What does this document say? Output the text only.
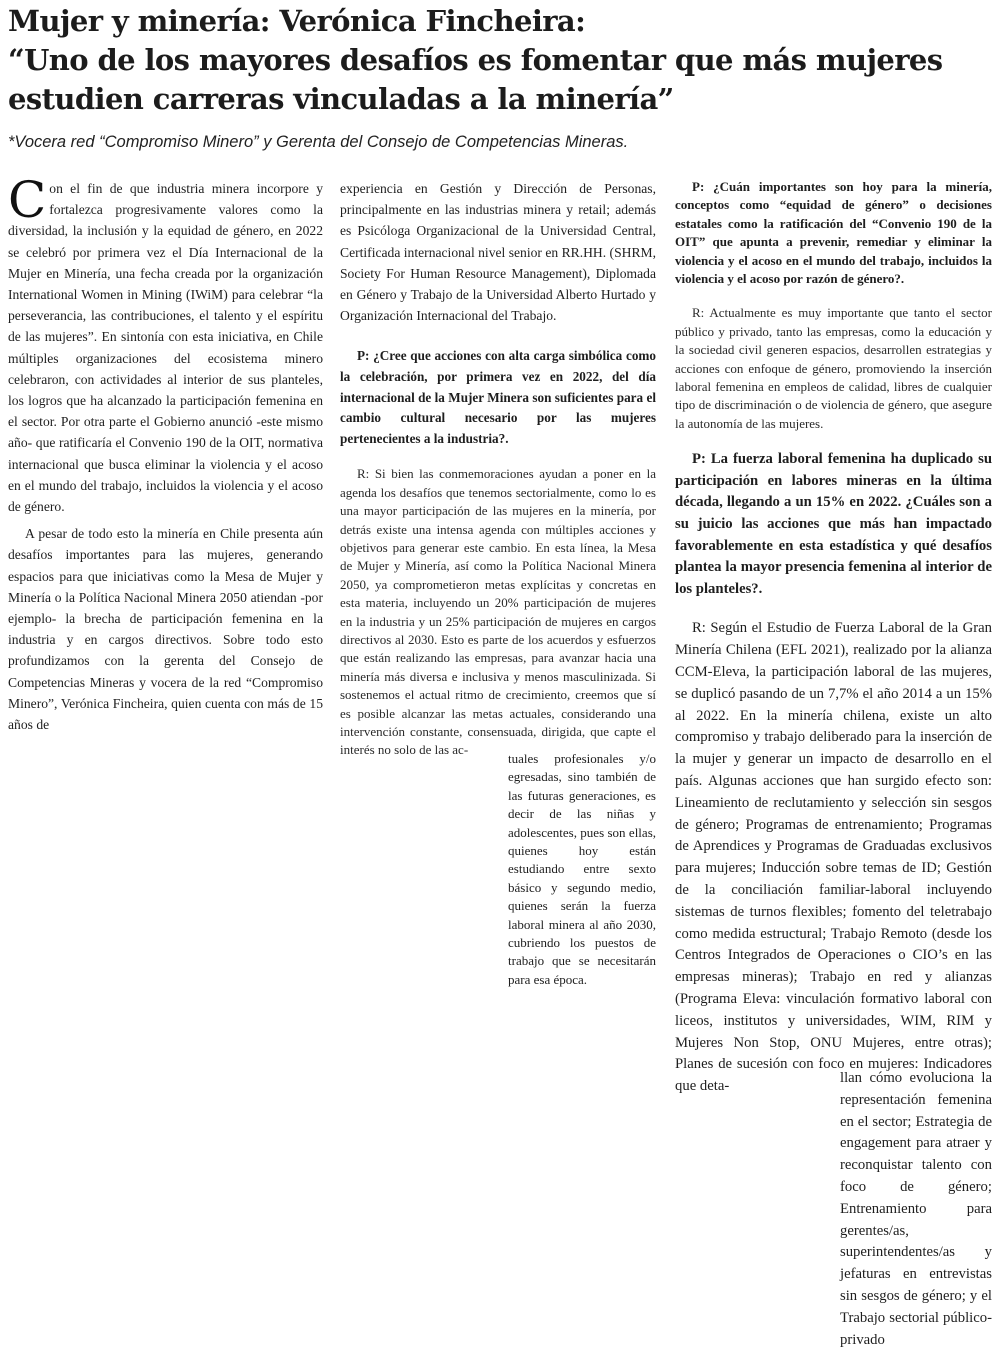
Mujer y minería: Verónica Fincheira:
“Uno de los mayores desafíos es fomentar que más mujeres estudien carreras vinculadas a la minería”
*Vocera red “Compromiso Minero” y Gerenta del Consejo de Competencias Mineras.

Con el fin de que industria minera incorpore y fortalezca progresivamente valores como la diversidad, la inclusión y la equidad de género, en 2022 se celebró por primera vez el Día Internacional de la Mujer en Minería, una fecha creada por la organización International Women in Mining (IWiM) para celebrar “la perseverancia, las contribuciones, el talento y el espíritu de las mujeres”. En sintonía con esta iniciativa, en Chile múltiples organizaciones del ecosistema minero celebraron, con actividades al interior de sus planteles, los logros que ha alcanzado la participación femenina en el sector. Por otra parte el Gobierno anunció -este mismo año- que ratificaría el Convenio 190 de la OIT, normativa internacional que busca eliminar la violencia y el acoso en el mundo del trabajo, incluidos la violencia y el acoso de género.

A pesar de todo esto la minería en Chile presenta aún desafíos importantes para las mujeres, generando espacios para que iniciativas como la Mesa de Mujer y Minería o la Política Nacional Minera 2050 atiendan -por ejemplo- la brecha de participación femenina en la industria y en cargos directivos. Sobre todo esto profundizamos con la gerenta del Consejo de Competencias Mineras y vocera de la red “Compromiso Minero”, Verónica Fincheira, quien cuenta con más de 15 años de

experiencia en Gestión y Dirección de Personas, principalmente en las industrias minera y retail; además es Psicóloga Organizacional de la Universidad Central, Certificada internacional nivel senior en RR.HH. (SHRM, Society For Human Resource Management), Diplomada en Género y Trabajo de la Universidad Alberto Hurtado y Organización Internacional del Trabajo.

P: ¿Cree que acciones con alta carga simbólica como la celebración, por primera vez en 2022, del día internacional de la Mujer Minera son suficientes para el cambio cultural necesario por las mujeres pertenecientes a la industria?.

R: Si bien las conmemoraciones ayudan a poner en la agenda los desafíos que tenemos sectorialmente, como lo es una mayor participación de las mujeres en la minería, por detrás existe una intensa agenda con múltiples acciones y objetivos para generar este cambio. En esta línea, la Mesa de Mujer y Minería, así como la Política Nacional Minera 2050, ya comprometieron metas explícitas y concretas en esta materia, incluyendo un 20% participación de mujeres en la industria y un 25% participación de mujeres en cargos directivos al 2030. Esto es parte de los acuerdos y esfuerzos que están realizando las empresas, para avanzar hacia una minería más diversa e inclusiva y menos masculinizada. Si sostenemos el actual ritmo de crecimiento, creemos que sí es posible alcanzar las metas actuales, considerando una intervención constante, consensuada, dirigida, que capte el interés no solo de las ac-

tuales profesionales y/o egresadas, sino también de las futuras generaciones, es decir de las niñas y adolescentes, pues son ellas, quienes hoy están estudiando entre sexto básico y segundo medio, quienes serán la fuerza laboral minera al año 2030, cubriendo los puestos de trabajo que se necesitarán para esa época.

P: ¿Cuán importantes son hoy para la minería, conceptos como “equidad de género” o decisiones estatales como la ratificación del “Convenio 190 de la OIT” que apunta a prevenir, remediar y eliminar la violencia y el acoso en el mundo del trabajo, incluidos la violencia y el acoso por razón de género?.

R: Actualmente es muy importante que tanto el sector público y privado, tanto las empresas, como la educación y la sociedad civil generen espacios, desarrollen estrategias y acciones con enfoque de género, promoviendo la inserción laboral femenina en empleos de calidad, libres de cualquier tipo de discriminación o de violencia de género, que asegure la autonomía de las mujeres.

P: La fuerza laboral femenina ha duplicado su participación en labores mineras en la última década, llegando a un 15% en 2022. ¿Cuáles son a su juicio las acciones que más han impactado favorablemente en esta estadística y qué desafíos plantea la mayor presencia femenina al interior de los planteles?.

R: Según el Estudio de Fuerza Laboral de la Gran Minería Chilena (EFL 2021), realizado por la alianza CCM-Eleva, la participación laboral de las mujeres, se duplicó pasando de un 7,7% el año 2014 a un 15% al 2022. En la minería chilena, existe un alto compromiso y trabajo deliberado para la inserción de la mujer y generar un impacto de desarrollo en el país. Algunas acciones que han surgido efecto son: Lineamiento de reclutamiento y selección sin sesgos de género; Programas de entrenamiento; Programas de Aprendices y Programas de Graduadas exclusivos para mujeres; Inducción sobre temas de ID; Gestión de la conciliación familiar-laboral incluyendo sistemas de turnos flexibles; fomento del teletrabajo como medida estructural; Trabajo Remoto (desde los Centros Integrados de Operaciones o CIO’s en las empresas mineras); Trabajo en red y alianzas (Programa Eleva: vinculación formativo laboral con liceos, institutos y universidades, WIM, RIM y Mujeres Non Stop, ONU Mujeres, entre otras); Planes de sucesión con foco en mujeres: Indicadores que deta-

llan cómo evoluciona la representación femenina en el sector; Estrategia de engagement para atraer y reconquistar talento con foco de género; Entrenamiento para gerentes/as, superintendentes/as y jefaturas en entrevistas sin sesgos de género; y el Trabajo sectorial público-privado
